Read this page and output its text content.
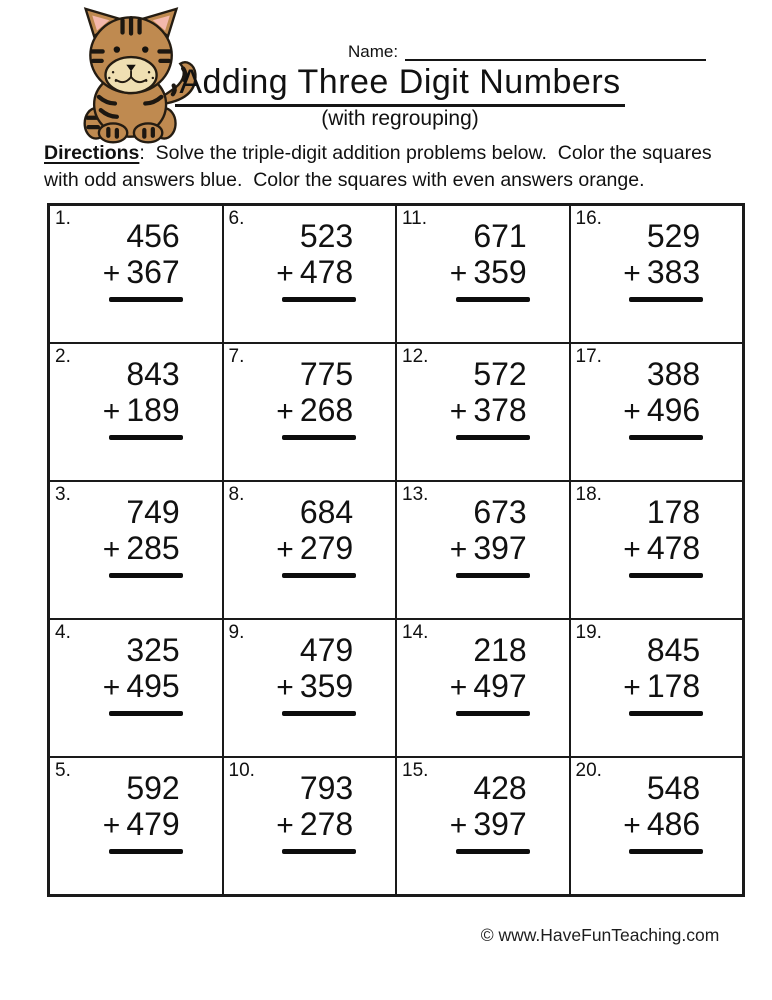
Name:
Adding Three Digit Numbers
(with regrouping)

Directions:  Solve the triple-digit addition problems below.  Color the squares with odd answers blue.  Color the squares with even answers orange.

1.	456
+ 367
6.	523
+ 478
11.	671
+ 359
16.	529
+ 383
2.	843
+ 189
7.	775
+ 268
12.	572
+ 378
17.	388
+ 496
3.	749
+ 285
8.	684
+ 279
13.	673
+ 397
18.	178
+ 478
4.	325
+ 495
9.	479
+ 359
14.	218
+ 497
19.	845
+ 178
5.	592
+ 479
10.	793
+ 278
15.	428
+ 397
20.	548
+ 486
© www.HaveFunTeaching.com
